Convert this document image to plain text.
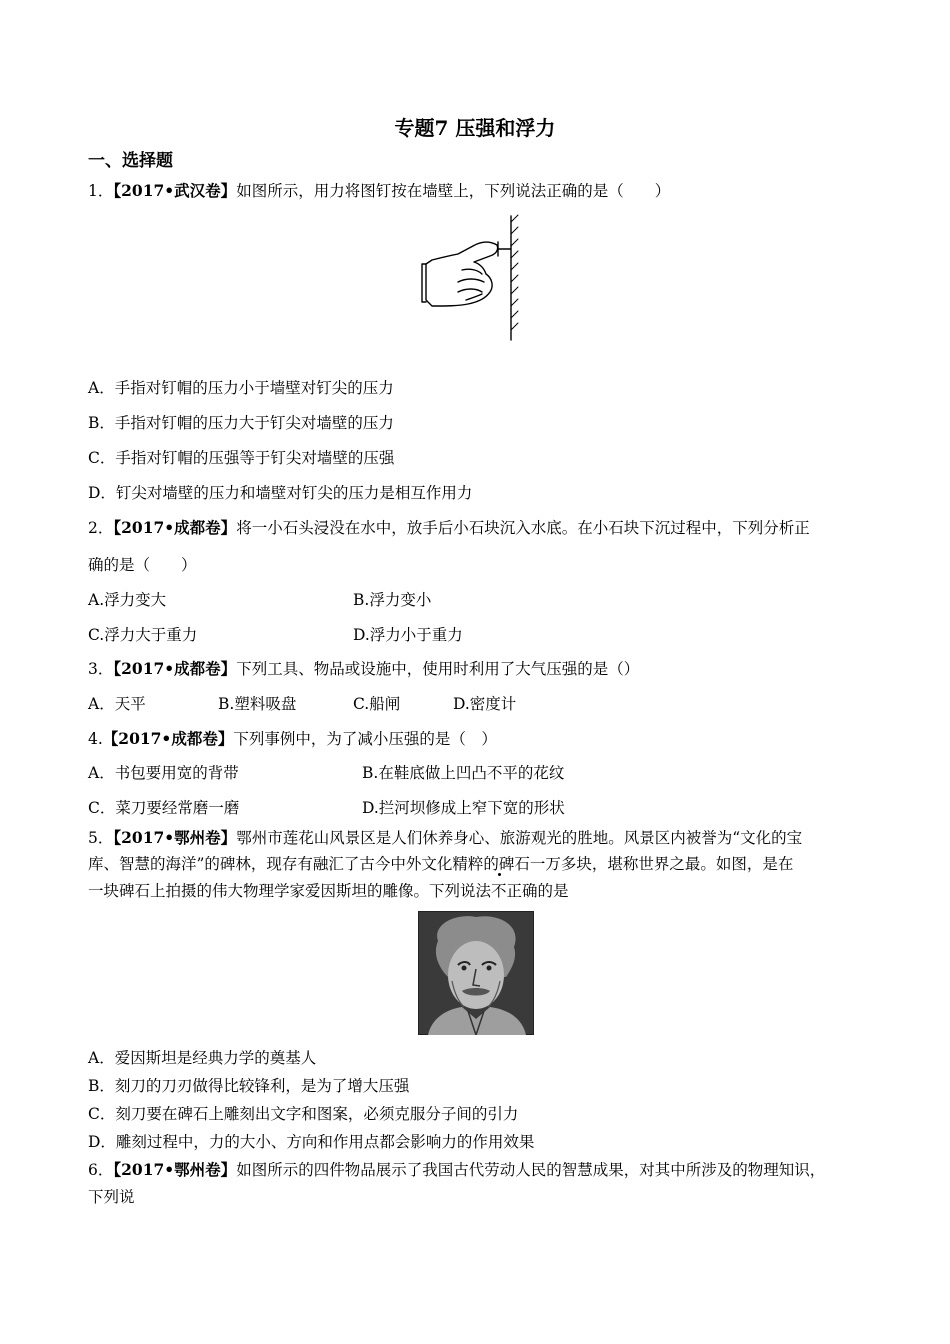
专题7 压强和浮力
一、选择题
1．【2017•武汉卷】如图所示，用力将图钉按在墙壁上，下列说法正确的是（　　）
A．手指对钉帽的压力小于墙壁对钉尖的压力
B．手指对钉帽的压力大于钉尖对墙壁的压力
C．手指对钉帽的压强等于钉尖对墙壁的压强
D．钉尖对墙壁的压力和墙壁对钉尖的压力是相互作用力
2．【2017•成都卷】将一小石头浸没在水中，放手后小石块沉入水底。在小石块下沉过程中，下列分析正
确的是（　　）
A.浮力变大	B.浮力变小
C.浮力大于重力	D.浮力小于重力
3．【2017•成都卷】下列工具、物品或设施中，使用时利用了大气压强的是（）
A．天平	B.塑料吸盘	C.船闸	D.密度计
4.【2017•成都卷】下列事例中，为了减小压强的是（　）
A．书包要用宽的背带	B.在鞋底做上凹凸不平的花纹
C．菜刀要经常磨一磨	D.拦河坝修成上窄下宽的形状
5．【2017•鄂州卷】鄂州市莲花山风景区是人们休养身心、旅游观光的胜地。风景区内被誉为“文化的宝
库、智慧的海洋”的碑林，现存有融汇了古今中外文化精粹的碑石一万多块，堪称世界之最。如图，是在
一块碑石上拍摄的伟大物理学家爱因斯坦的雕像。下列说法不正确的是
A．爱因斯坦是经典力学的奠基人
B．刻刀的刀刃做得比较锋利，是为了增大压强
C．刻刀要在碑石上雕刻出文字和图案，必须克服分子间的引力
D．雕刻过程中，力的大小、方向和作用点都会影响力的作用效果
6．【2017•鄂州卷】如图所示的四件物品展示了我国古代劳动人民的智慧成果，对其中所涉及的物理知识，
下列说
